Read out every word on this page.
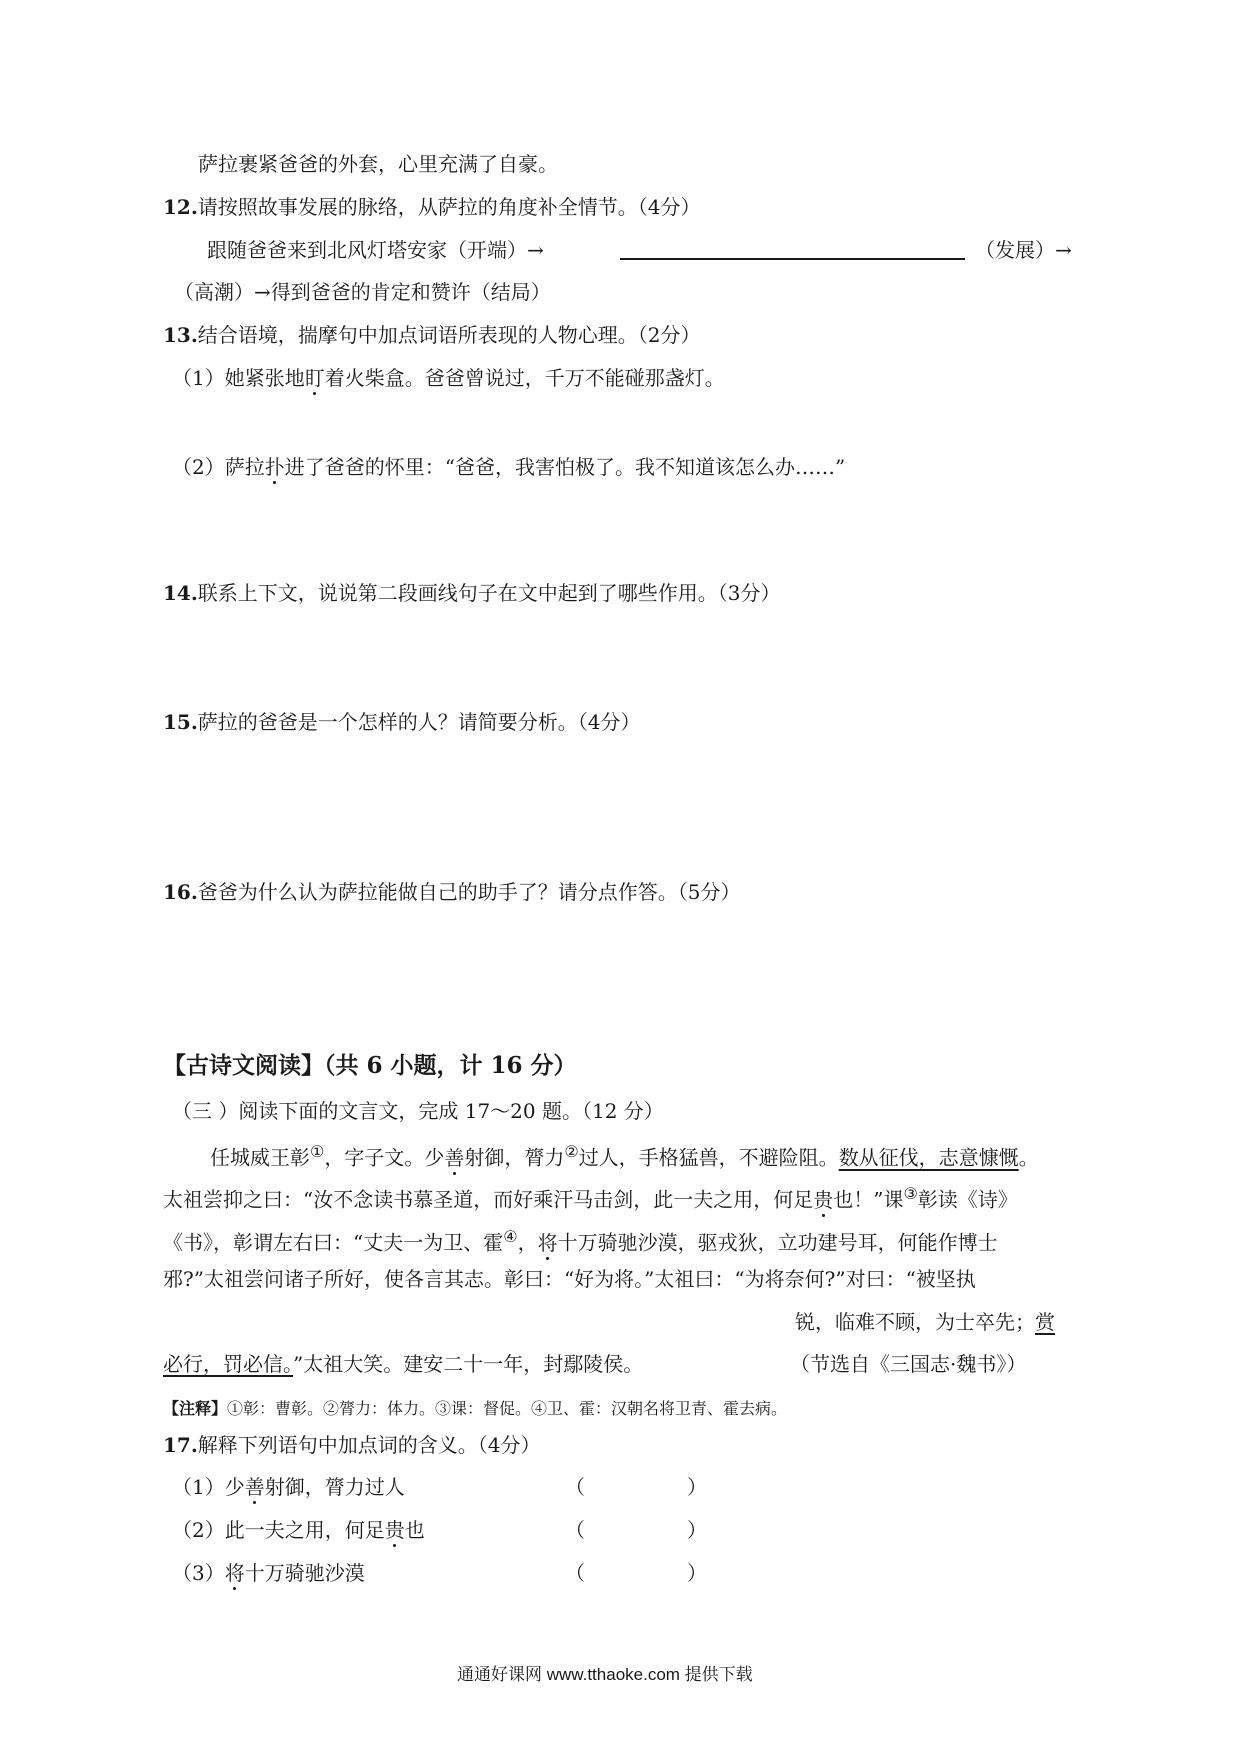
萨拉裹紧爸爸的外套，心里充满了自豪。
12.请按照故事发展的脉络，从萨拉的角度补全情节。（4分）
跟随爸爸来到北风灯塔安家（开端）→	（发展）→
（高潮）→得到爸爸的肯定和赞许（结局）
13.结合语境，揣摩句中加点词语所表现的人物心理。（2分）
（1）她紧张地盯着火柴盒。爸爸曾说过，千万不能碰那盏灯。
（2）萨拉扑进了爸爸的怀里：“爸爸，我害怕极了。我不知道该怎么办……”
14.联系上下文，说说第二段画线句子在文中起到了哪些作用。（3分）
15.萨拉的爸爸是一个怎样的人？请简要分析。（4分）
16.爸爸为什么认为萨拉能做自己的助手了？请分点作答。（5分）
【古诗文阅读】（共 6 小题，计 16 分）
（三 ）阅读下面的文言文，完成 17～20 题。（12 分）
任城威王彰①，字子文。少善射御，膂力②过人，手格猛兽，不避险阻。数从征伐，志意慷慨。
太祖尝抑之曰：“汝不念读书慕圣道，而好乘汗马击剑，此一夫之用，何足贵也！”课③彰读《诗》
《书》，彰谓左右曰：“丈夫一为卫、霍④，将十万骑驰沙漠，驱戎狄，立功建号耳，何能作博士
邪?”太祖尝问诸子所好，使各言其志。彰曰：“好为将。”太祖曰：“为将奈何?”对曰：“被坚执
锐，临难不顾，为士卒先；赏
必行，罚必信。”太祖大笑。建安二十一年，封鄢陵侯。	（节选自《三国志·魏书》）
【注释】①彰：曹彰。②膂力：体力。③课：督促。④卫、霍：汉朝名将卫青、霍去病。
17.解释下列语句中加点词的含义。（4分）
（1）少善射御，膂力过人	（	）
（2）此一夫之用，何足贵也	（	）
（3）将十万骑驰沙漠	（	）
通通好课网 www.tthaoke.com 提供下载
